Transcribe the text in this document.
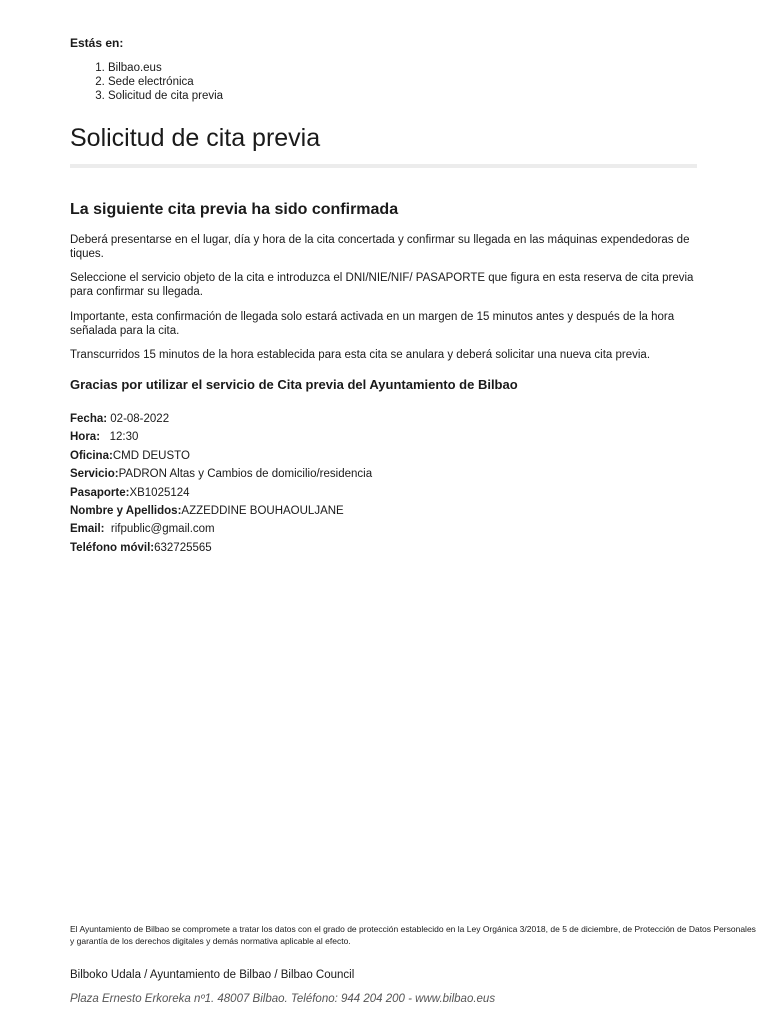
Estás en:
1. Bilbao.eus
2. Sede electrónica
3. Solicitud de cita previa
Solicitud de cita previa
La siguiente cita previa ha sido confirmada

Deberá presentarse en el lugar, día y hora de la cita concertada y confirmar su llegada en las máquinas expendedoras de tiques.

Seleccione el servicio objeto de la cita e introduzca el DNI/NIE/NIF/ PASAPORTE que figura en esta reserva de cita previa para confirmar su llegada.

Importante, esta confirmación de llegada solo estará activada en un margen de 15 minutos antes y después de la hora señalada para la cita.

Transcurridos 15 minutos de la hora establecida para esta cita se anulara y deberá solicitar una nueva cita previa.

Gracias por utilizar el servicio de Cita previa del Ayuntamiento de Bilbao
Fecha: 02-08-2022
Hora:   12:30
Oficina:CMD DEUSTO
Servicio:PADRON Altas y Cambios de domicilio/residencia
Pasaporte:XB1025124
Nombre y Apellidos:AZZEDDINE BOUHAOULJANE
Email:  rifpublic@gmail.com
Teléfono móvil:632725565

El Ayuntamiento de Bilbao se compromete a tratar los datos con el grado de protección establecido en la Ley Orgánica 3/2018, de 5 de diciembre, de Protección de Datos Personales y garantía de los derechos digitales y demás normativa aplicable al efecto.

Bilboko Udala / Ayuntamiento de Bilbao / Bilbao Council

Plaza Ernesto Erkoreka nº1. 48007 Bilbao. Teléfono: 944 204 200 - www.bilbao.eus
